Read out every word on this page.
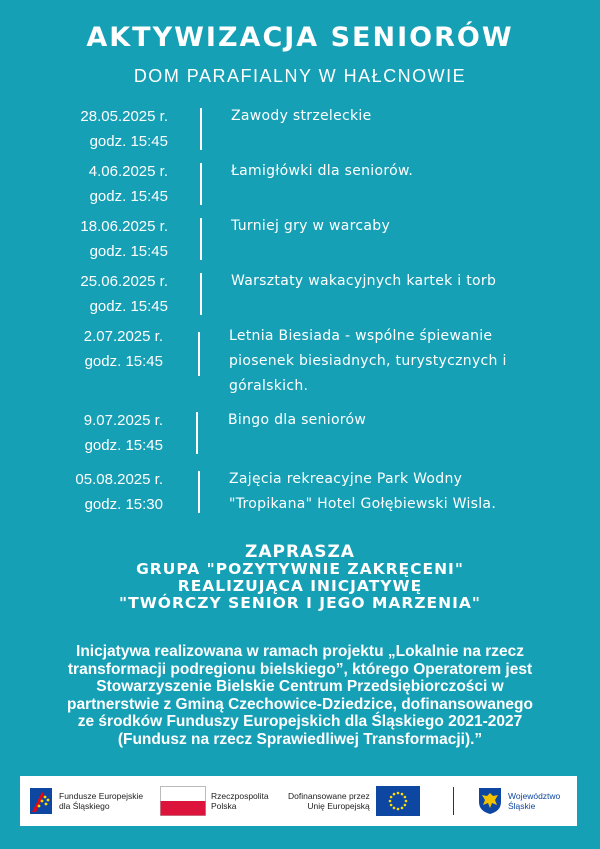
AKTYWIZACJA SENIORÓW
DOM PARAFIALNY W HAŁCNOWIE
28.05.2025 r.
godz. 15:45
Zawody strzeleckie
4.06.2025 r.
godz. 15:45
Łamigłówki dla seniorów.
18.06.2025 r.
godz. 15:45
Turniej gry w warcaby
25.06.2025 r.
godz. 15:45
Warsztaty wakacyjnych kartek i torb
2.07.2025 r.
godz. 15:45
Letnia Biesiada - wspólne śpiewanie piosenek biesiadnych, turystycznych i góralskich.
9.07.2025 r.
godz. 15:45
Bingo dla seniorów
05.08.2025 r.
godz. 15:30
Zajęcia rekreacyjne Park Wodny "Tropikana" Hotel Gołębiewski Wisla.
ZAPRASZA
GRUPA "POZYTYWNIE ZAKRĘCENI"
REALIZUJĄCA INICJATYWĘ
"TWÓRCZY SENIOR I JEGO MARZENIA"
Inicjatywa realizowana w ramach projektu „Lokalnie na rzecz
transformacji podregionu bielskiego”, którego Operatorem jest
Stowarzyszenie Bielskie Centrum Przedsiębiorczości w
partnerstwie z Gminą Czechowice-Dziedzice, dofinansowanego
ze środków Funduszy Europejskich dla Śląskiego 2021-2027
(Fundusz na rzecz Sprawiedliwej Transformacji).”
Fundusze Europejskie
dla Śląskiego
Rzeczpospolita
Polska
Dofinansowane przez
Unię Europejską
Województwo
Śląskie
